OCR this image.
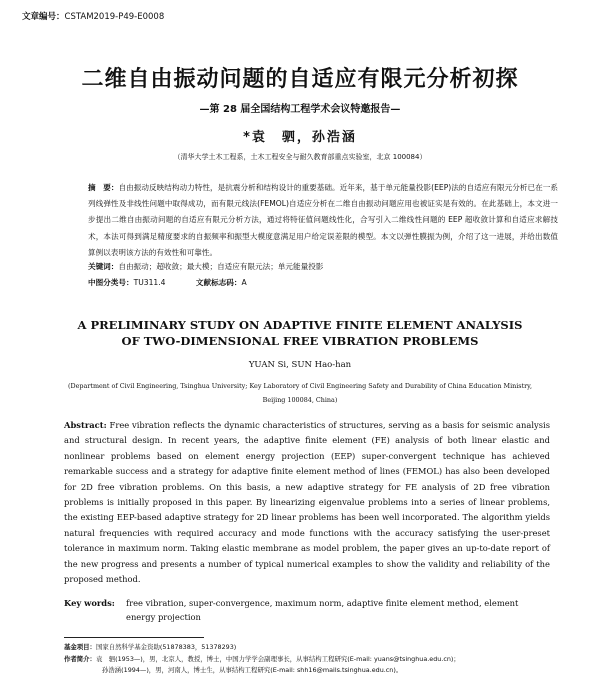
文章编号：CSTAM2019-P49-E0008
二维自由振动问题的自适应有限元分析初探
—第 28 届全国结构工程学术会议特邀报告—
*袁　驷，孙浩涵
（清华大学土木工程系，土木工程安全与耐久教育部重点实验室，北京 100084）
摘　要：自由振动反映结构动力特性，是抗震分析和结构设计的重要基础。近年来，基于单元能量投影(EEP)法的自适应有限元分析已在一系列线弹性及非线性问题中取得成功，而有限元线法(FEMOL)自适应分析在二维自由振动问题应用也被证实是有效的。在此基础上，本文进一步提出二维自由振动问题的自适应有限元分析方法，通过将特征值问题线性化，合写引入二维线性问题的 EEP 超收敛计算和自适应求解技术，本法可得到满足精度要求的自振频率和振型大模度意满足用户给定误差限的模型。本文以弹性膜振为例，介绍了这一进展，并给出数值算例以表明该方法的有效性和可靠性。
关键词：自由振动；超收敛；最大模；自适应有限元法；单元能量投影
中图分类号：TU311.4	文献标志码：A
A PRELIMINARY STUDY ON ADAPTIVE FINITE ELEMENT ANALYSIS
OF TWO-DIMENSIONAL FREE VIBRATION PROBLEMS
YUAN Si, SUN Hao-han
(Department of Civil Engineering, Tsinghua University; Key Laboratory of Civil Engineering Safety and Durability of China Education Ministry,
Beijing 100084, China)
Abstract: Free vibration reflects the dynamic characteristics of structures, serving as a basis for seismic analysis and structural design. In recent years, the adaptive finite element (FE) analysis of both linear elastic and nonlinear problems based on element energy projection (EEP) super-convergent technique has achieved remarkable success and a strategy for adaptive finite element method of lines (FEMOL) has also been developed for 2D free vibration problems. On this basis, a new adaptive strategy for FE analysis of 2D free vibration problems is initially proposed in this paper. By linearizing eigenvalue problems into a series of linear problems, the existing EEP-based adaptive strategy for 2D linear problems has been well incorporated. The algorithm yields natural frequencies with required accuracy and mode functions with the accuracy satisfying the user-preset tolerance in maximum norm. Taking elastic membrane as model problem, the paper gives an up-to-date report of the new progress and presents a number of typical numerical examples to show the validity and reliability of the proposed method.
Key words: free vibration, super-convergence, maximum norm, adaptive finite element method, element energy projection
基金项目：国家自然科学基金资助(51878383，51378293)
作者简介：袁　驷(1953—)，男，北京人，教授，博士，中国力学学会副理事长，从事结构工程研究(E-mail: yuans@tsinghua.edu.cn)；
孙浩涵(1994—)，男，河南人，博士生，从事结构工程研究(E-mail: shh16@mails.tsinghua.edu.cn)。
